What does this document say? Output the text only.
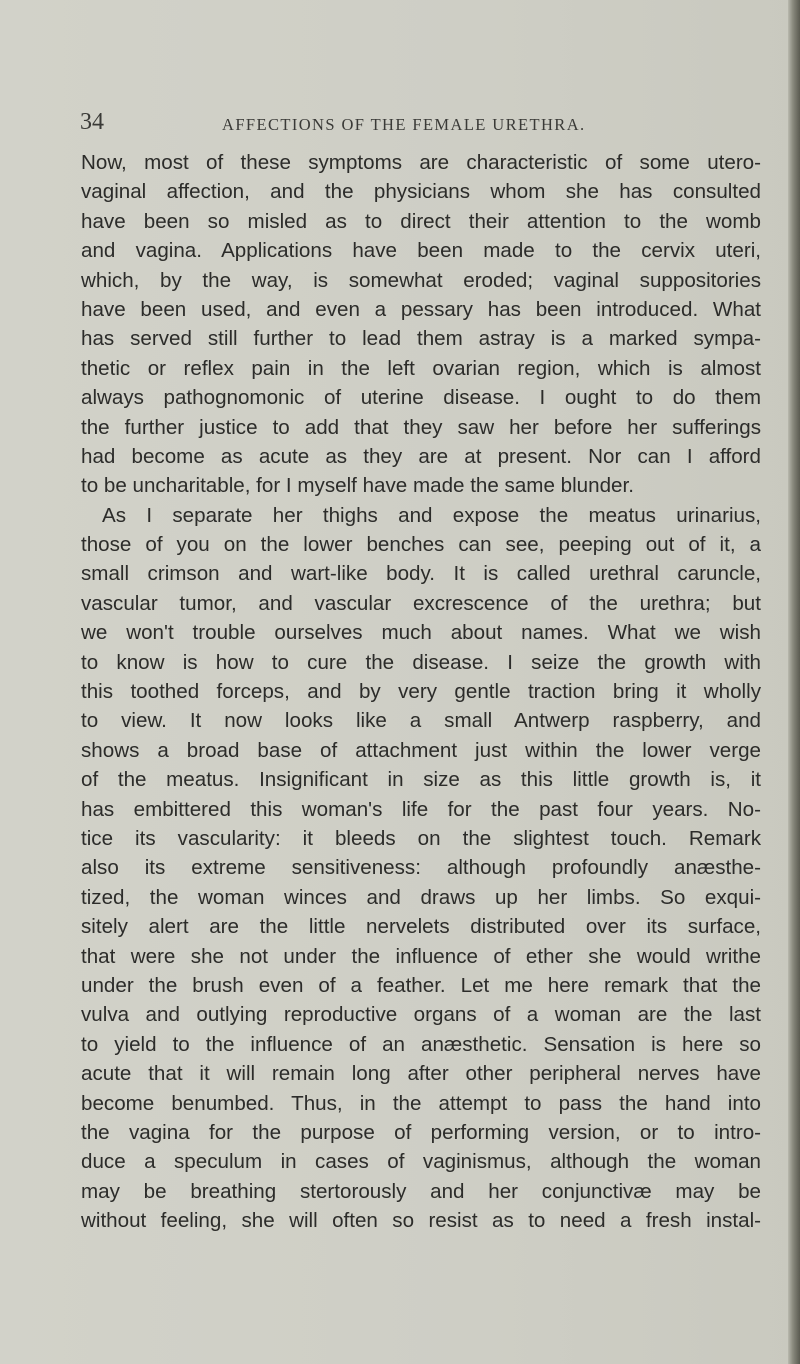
34	AFFECTIONS OF THE FEMALE URETHRA.
Now, most of these symptoms are characteristic of some utero-
vaginal affection, and the physicians whom she has consulted
have been so misled as to direct their attention to the womb
and vagina. Applications have been made to the cervix uteri,
which, by the way, is somewhat eroded; vaginal suppositories
have been used, and even a pessary has been introduced. What
has served still further to lead them astray is a marked sympa-
thetic or reflex pain in the left ovarian region, which is almost
always pathognomonic of uterine disease. I ought to do them
the further justice to add that they saw her before her sufferings
had become as acute as they are at present. Nor can I afford
to be uncharitable, for I myself have made the same blunder.
As I separate her thighs and expose the meatus urinarius,
those of you on the lower benches can see, peeping out of it, a
small crimson and wart-like body. It is called urethral caruncle,
vascular tumor, and vascular excrescence of the urethra; but
we won't trouble ourselves much about names. What we wish
to know is how to cure the disease. I seize the growth with
this toothed forceps, and by very gentle traction bring it wholly
to view. It now looks like a small Antwerp raspberry, and
shows a broad base of attachment just within the lower verge
of the meatus. Insignificant in size as this little growth is, it
has embittered this woman's life for the past four years. No-
tice its vascularity: it bleeds on the slightest touch. Remark
also its extreme sensitiveness: although profoundly anæsthe-
tized, the woman winces and draws up her limbs. So exqui-
sitely alert are the little nervelets distributed over its surface,
that were she not under the influence of ether she would writhe
under the brush even of a feather. Let me here remark that the
vulva and outlying reproductive organs of a woman are the last
to yield to the influence of an anæsthetic. Sensation is here so
acute that it will remain long after other peripheral nerves have
become benumbed. Thus, in the attempt to pass the hand into
the vagina for the purpose of performing version, or to intro-
duce a speculum in cases of vaginismus, although the woman
may be breathing stertorously and her conjunctivæ may be
without feeling, she will often so resist as to need a fresh instal-
